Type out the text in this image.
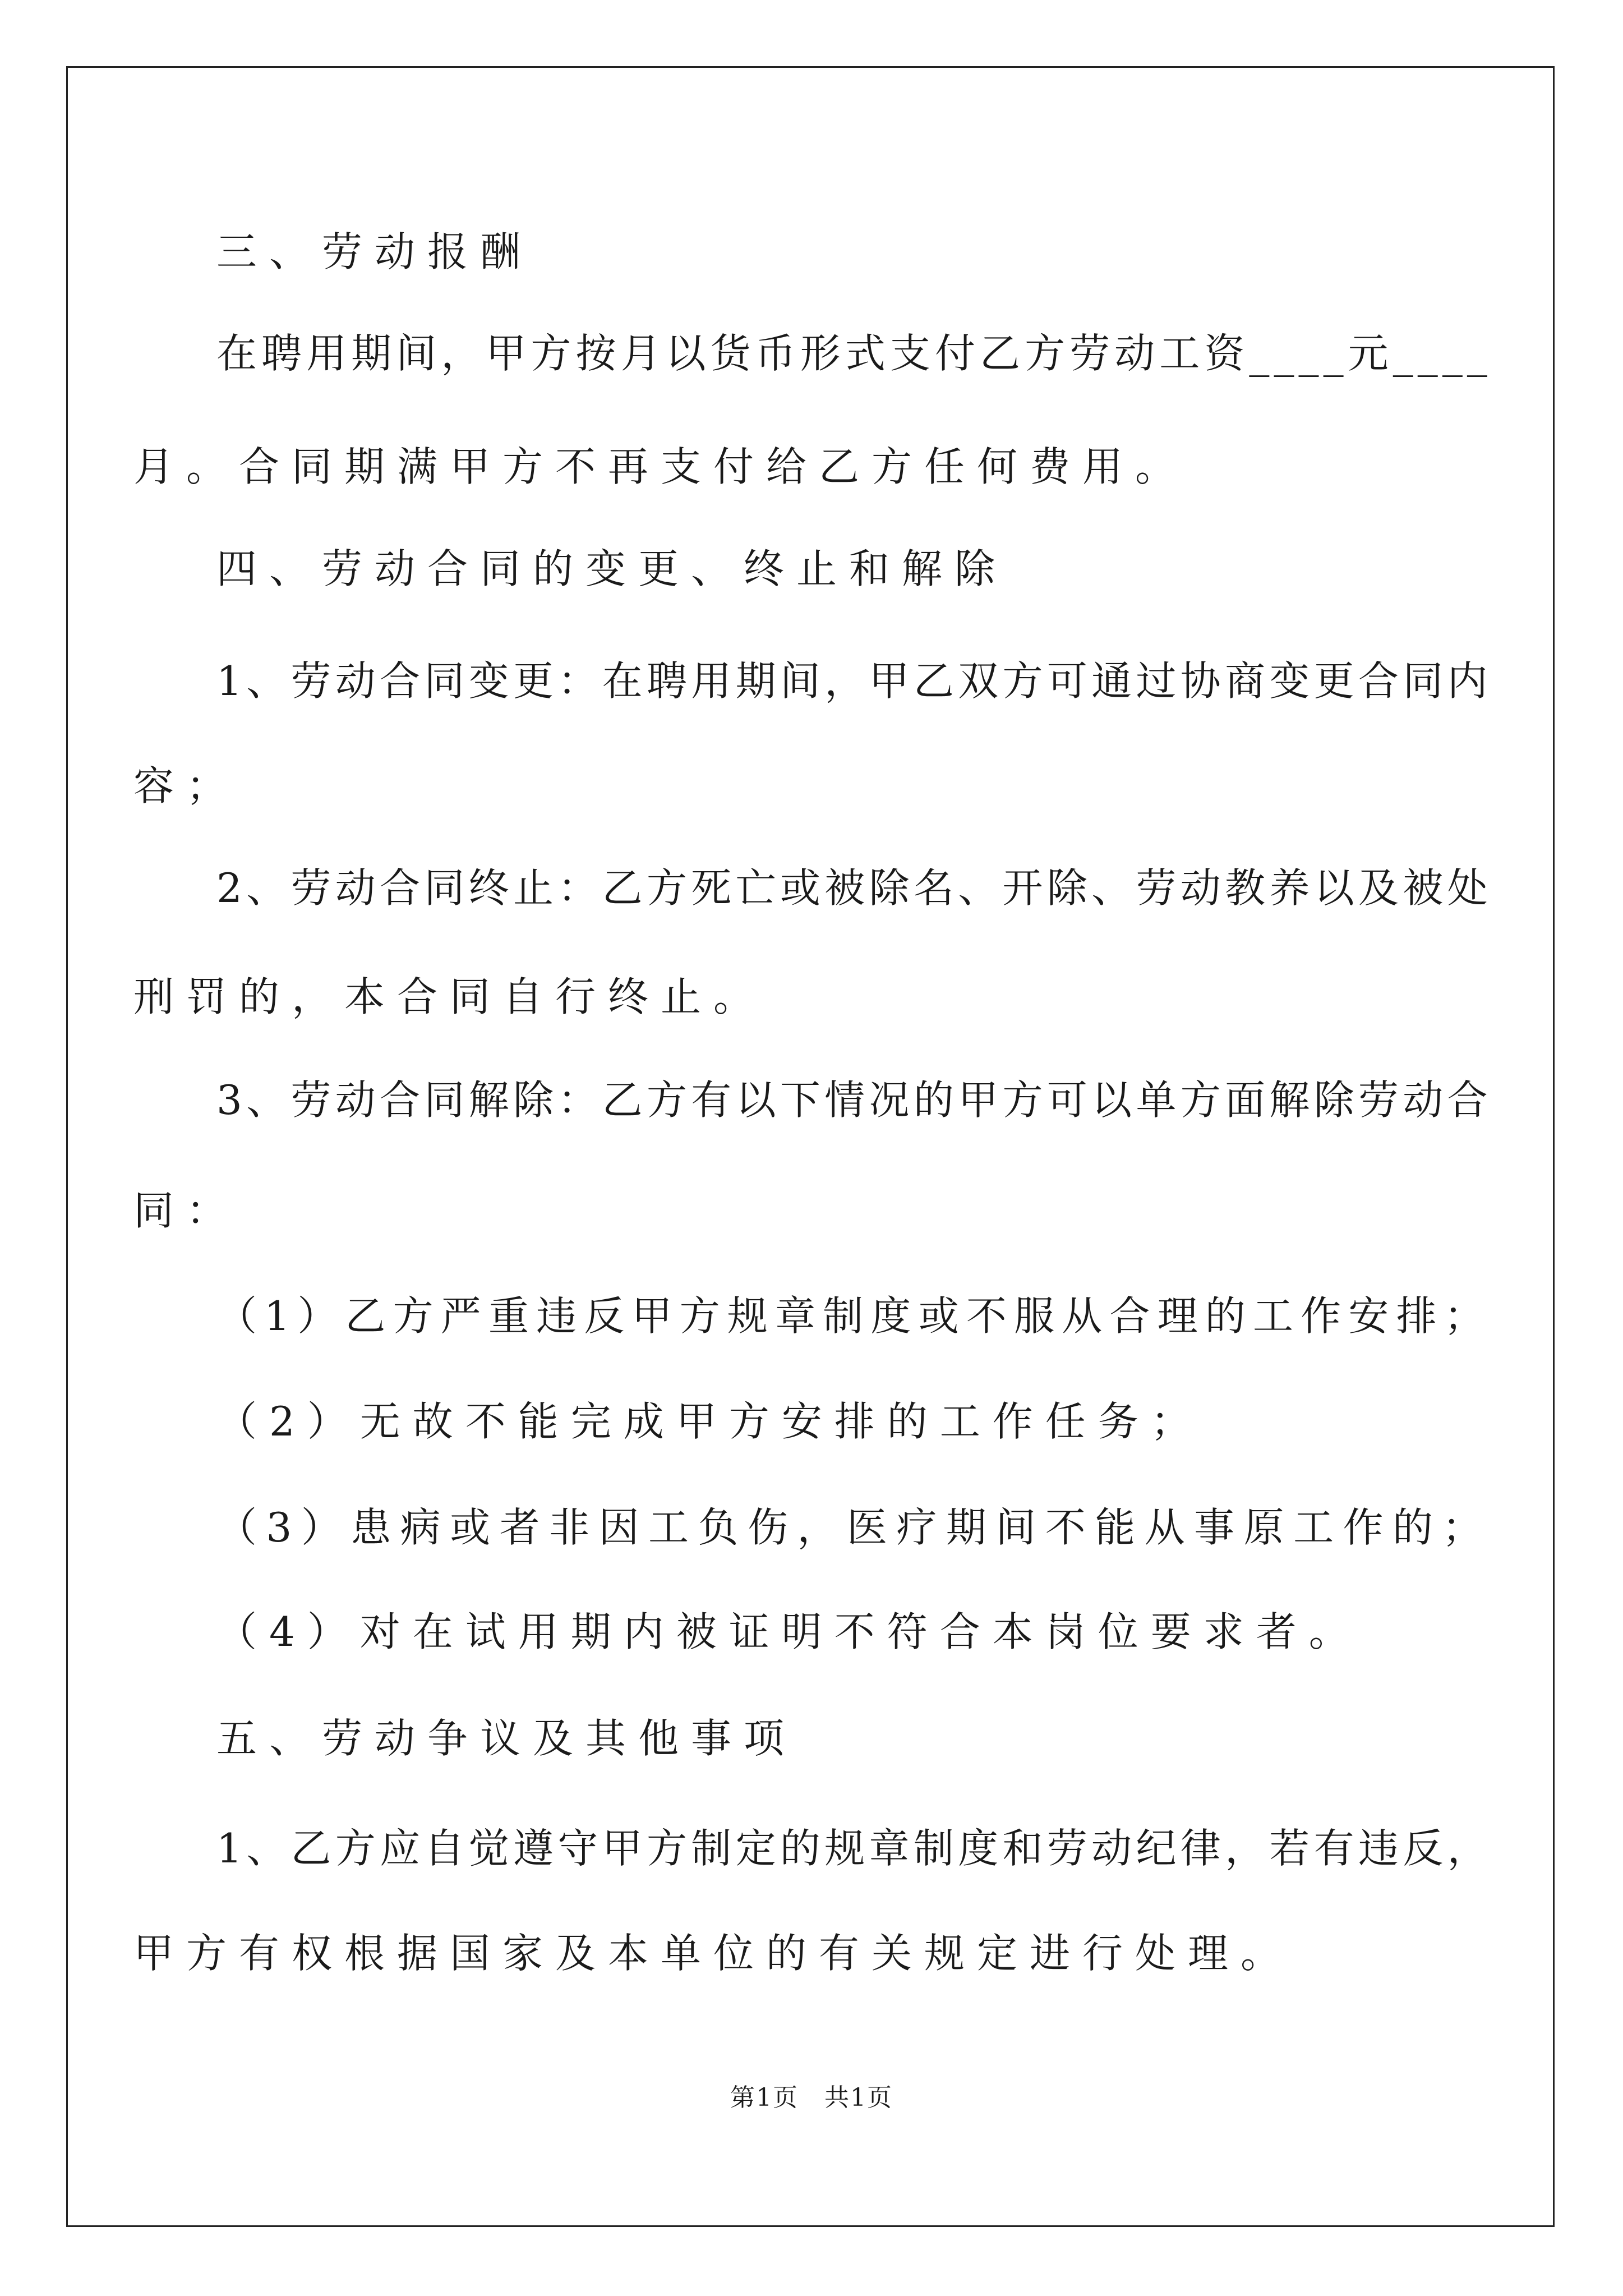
三、劳动报酬
在聘用期间，甲方按月以货币形式支付乙方劳动工资____元____
月。合同期满甲方不再支付给乙方任何费用。
四、劳动合同的变更、终止和解除
1、劳动合同变更：在聘用期间，甲乙双方可通过协商变更合同内
容；
2、劳动合同终止：乙方死亡或被除名、开除、劳动教养以及被处
刑罚的，本合同自行终止。
3、劳动合同解除：乙方有以下情况的甲方可以单方面解除劳动合
同：
（1）乙方严重违反甲方规章制度或不服从合理的工作安排；
（2）无故不能完成甲方安排的工作任务；
（3）患病或者非因工负伤，医疗期间不能从事原工作的；
（4）对在试用期内被证明不符合本岗位要求者。
五、劳动争议及其他事项
1、乙方应自觉遵守甲方制定的规章制度和劳动纪律，若有违反，
甲方有权根据国家及本单位的有关规定进行处理。
第1页　共1页
